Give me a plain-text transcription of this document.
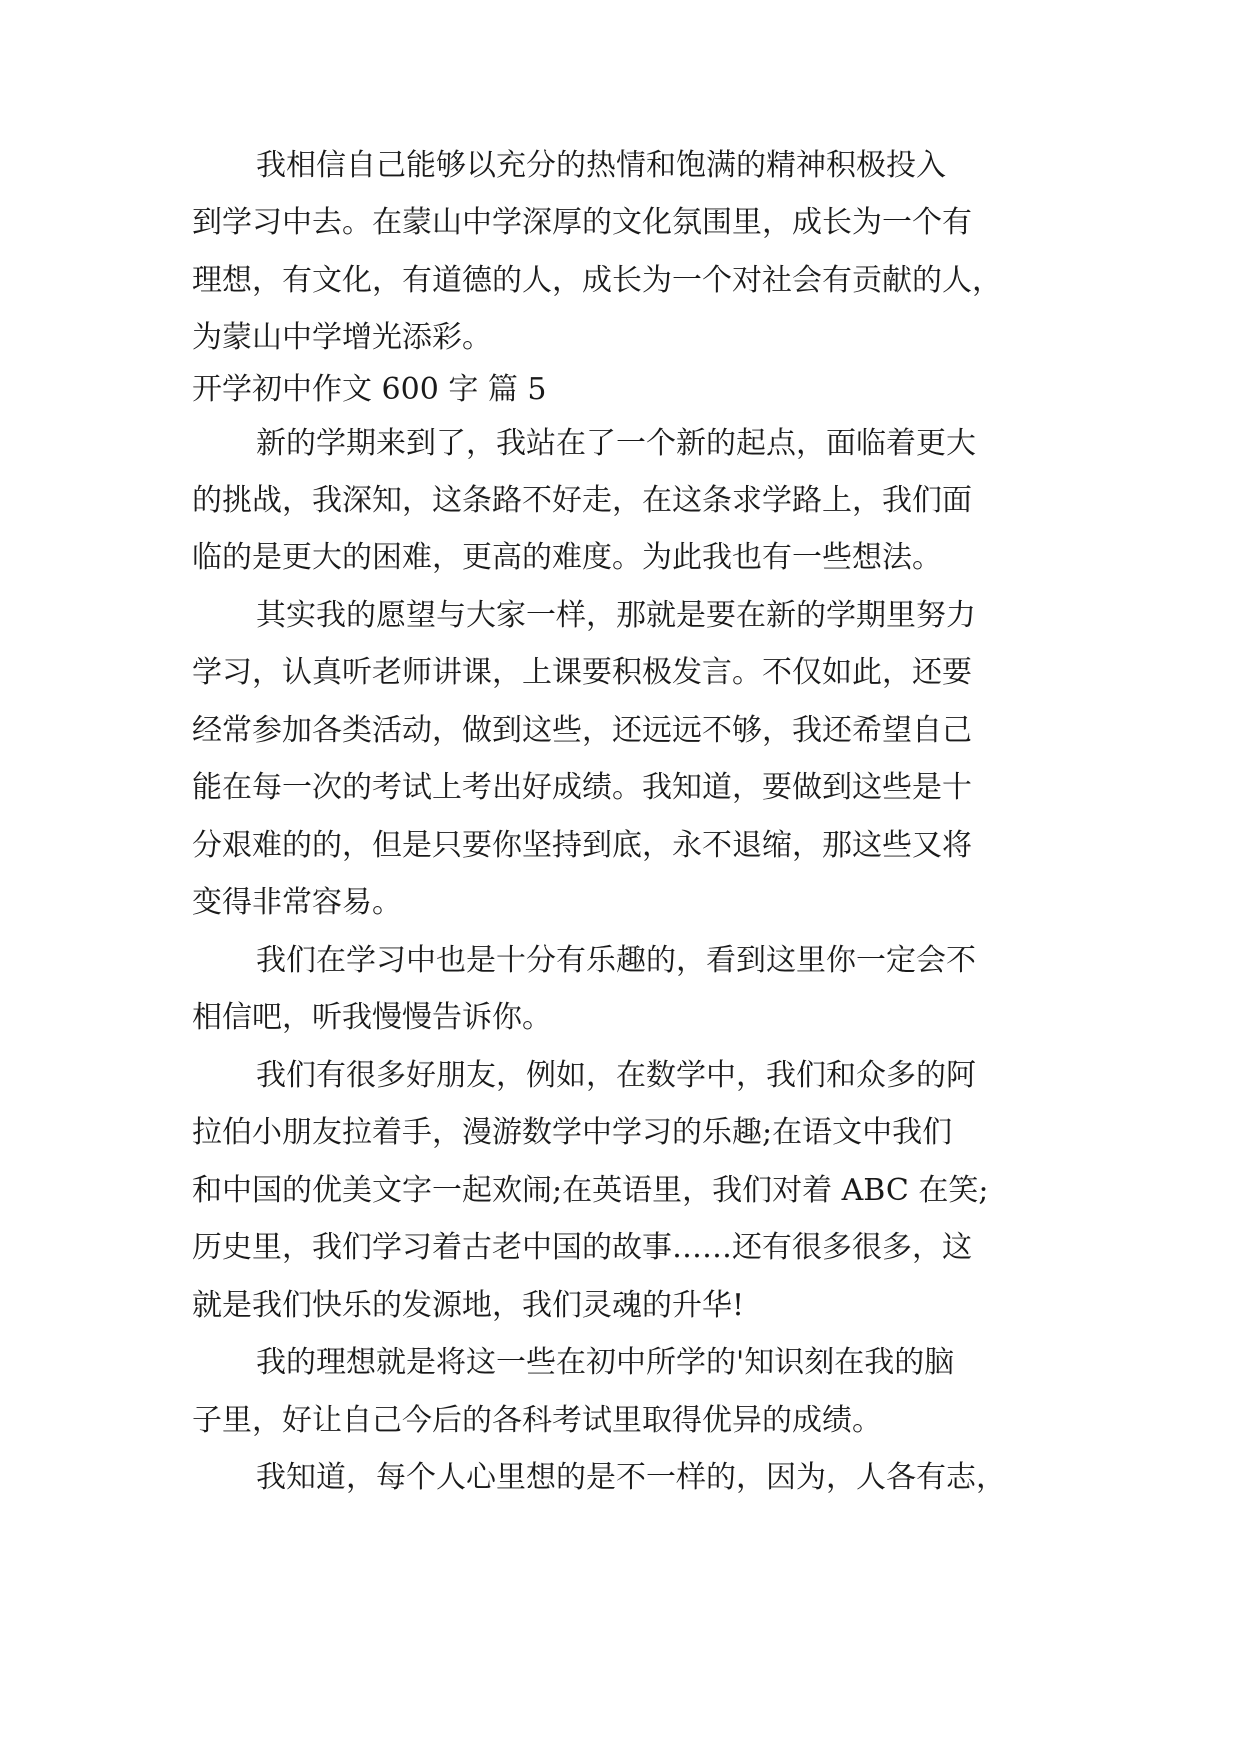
我相信自己能够以充分的热情和饱满的精神积极投入
到学习中去。在蒙山中学深厚的文化氛围里，成长为一个有
理想，有文化，有道德的人，成长为一个对社会有贡献的人，
为蒙山中学增光添彩。
开学初中作文 600 字 篇 5
新的学期来到了，我站在了一个新的起点，面临着更大
的挑战，我深知，这条路不好走，在这条求学路上，我们面
临的是更大的困难，更高的难度。为此我也有一些想法。
其实我的愿望与大家一样，那就是要在新的学期里努力
学习，认真听老师讲课，上课要积极发言。不仅如此，还要
经常参加各类活动，做到这些，还远远不够，我还希望自己
能在每一次的考试上考出好成绩。我知道，要做到这些是十
分艰难的的，但是只要你坚持到底，永不退缩，那这些又将
变得非常容易。
我们在学习中也是十分有乐趣的，看到这里你一定会不
相信吧，听我慢慢告诉你。
我们有很多好朋友，例如，在数学中，我们和众多的阿
拉伯小朋友拉着手，漫游数学中学习的乐趣;在语文中我们
和中国的优美文字一起欢闹;在英语里，我们对着 ABC 在笑;
历史里，我们学习着古老中国的故事……还有很多很多，这
就是我们快乐的发源地，我们灵魂的升华!
我的理想就是将这一些在初中所学的'知识刻在我的脑
子里，好让自己今后的各科考试里取得优异的成绩。
我知道，每个人心里想的是不一样的，因为，人各有志，
